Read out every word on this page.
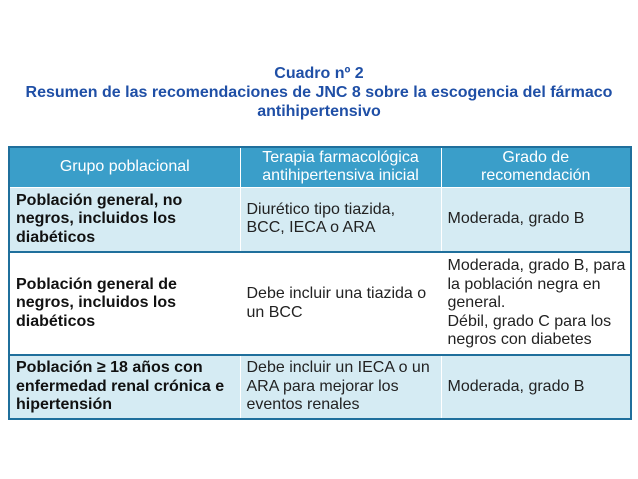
Cuadro nº 2
Resumen de las recomendaciones de JNC 8 sobre la escogencia del fármaco
antihipertensivo
Grupo poblacional	Terapia farmacológica antihipertensiva inicial	Grado de recomendación
Población general, no negros, incluidos los diabéticos	Diurético tipo tiazida, BCC, IECA o ARA	Moderada, grado B
Población general de negros, incluidos los diabéticos	Debe incluir una tiazida o un BCC	Moderada, grado B, para la población negra en general.
Débil, grado C para los negros con diabetes
Población ≥ 18 años con enfermedad renal crónica e hipertensión	Debe incluir un IECA o un ARA para mejorar los eventos renales	Moderada, grado B
